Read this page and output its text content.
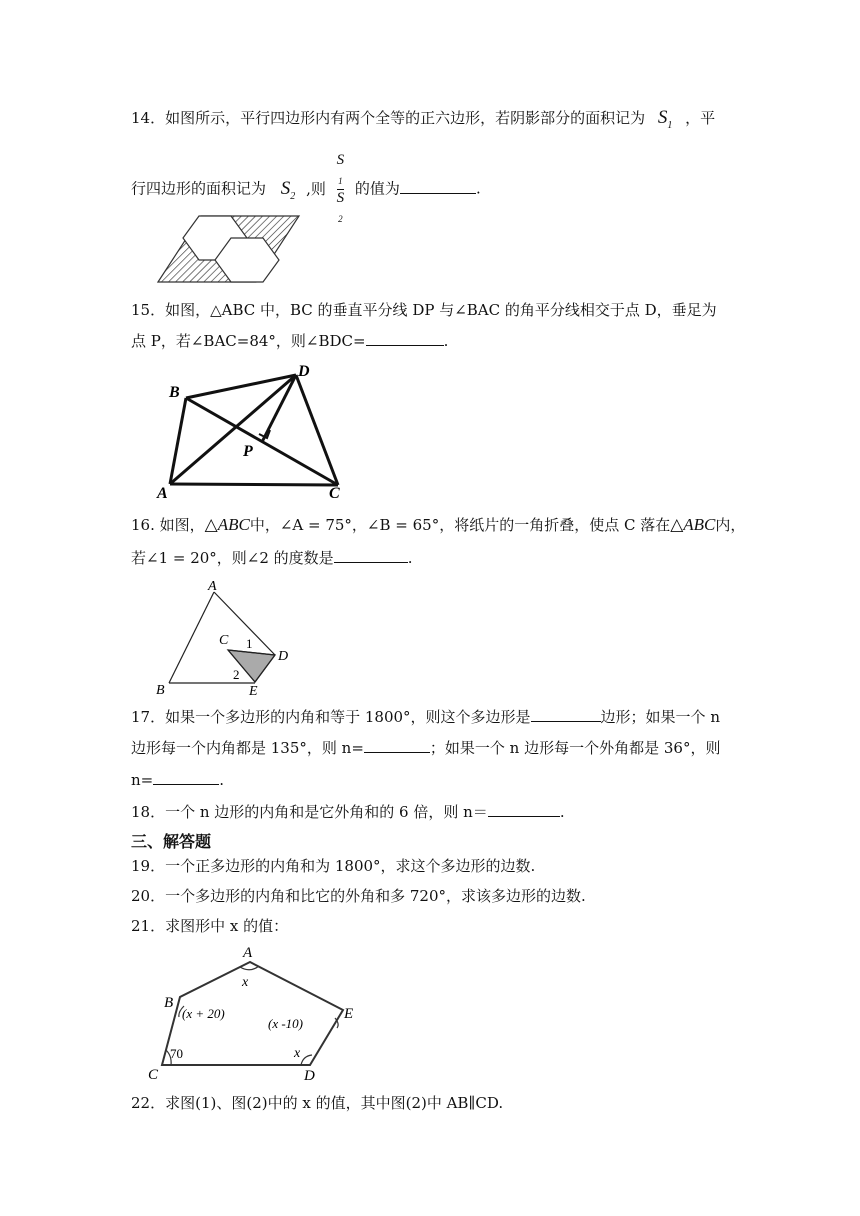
14．如图所示，平行四边形内有两个全等的正六边形，若阴影部分的面积记为 $S_1$ ，平
行四边形的面积记为 $S_2$ ,则 S
$_1$
S
$_2$ 的值为	.
15．如图，△ABC 中，BC 的垂直平分线 DP 与∠BAC 的角平分线相交于点 D，垂足为
点 P，若∠BAC=84°，则∠BDC=	.
B
D
P
A	C
16. 如图，△ABC中，∠A = 75°，∠B = 65°，将纸片的一角折叠，使点 C 落在△ABC内，
若∠1 = 20°，则∠2 的度数是	.
A
C 1
D
2
B	E
17．如果一个多边形的内角和等于 1800°，则这个多边形是	边形；如果一个 n
边形每一个内角都是 135°，则 n=	；如果一个 n 边形每一个外角都是 36°，则
n=	.
18．一个 n 边形的内角和是它外角和的 6 倍，则 n＝	.
三、解答题
19．一个正多边形的内角和为 1800°，求这个多边形的边数.
20．一个多边形的内角和比它的外角和多 720°，求该多边形的边数.
21．求图形中 x 的值：
A
x
B
(x + 20)
(x -10)
E
C
70	x
D
22．求图(1)、图(2)中的 x 的值，其中图(2)中 AB∥CD.
